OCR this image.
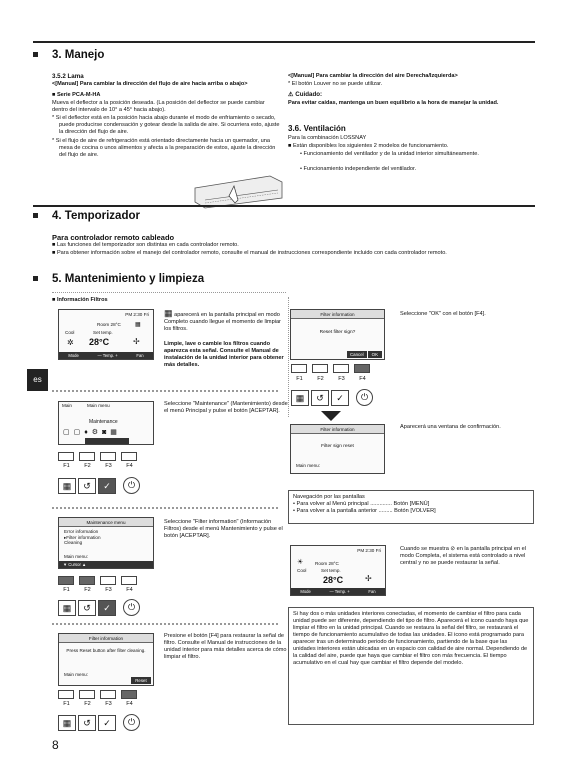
3. Manejo
3.5.2 Lama
<[Manual] Para cambiar la dirección del flujo de aire hacia arriba o abajo>
■ Serie PCA-M-HA
Mueva el deflector a la posición deseada. (La posición del deflector se puede cambiar dentro del intervalo de 10° a 45° hacia abajo).
* Si el deflector está en la posición hacia abajo durante el modo de enfriamiento o secado, puede producirse condensación y gotear desde la salida de aire. Si ocurriera esto, ajuste la dirección del flujo de aire.
* Si el flujo de aire de refrigeración está orientado directamente hacia un quemador, una mesa de cocina o unos alimentos y afecta a la preparación de estos, ajuste la dirección del flujo de aire.
<[Manual] Para cambiar la dirección del aire Derecha/Izquierda>
* El botón Louver no se puede utilizar.
⚠ Cuidado:
Para evitar caídas, mantenga un buen equilibrio a la hora de manejar la unidad.
3.6. Ventilación
Para la combinación LOSSNAY
■ Están disponibles los siguientes 2 modelos de funcionamiento.
• Funcionamiento del ventilador y de la unidad interior simultáneamente.
• Funcionamiento independiente del ventilador.
4. Temporizador
Para controlador remoto cableado
■ Las funciones del temporizador son distintas en cada controlador remoto.
■ Para obtener información sobre el manejo del controlador remoto, consulte el manual de instrucciones correspondiente incluido con cada controlador remoto.
5. Mantenimiento y limpieza
■ Información Filtros
es
PM 2:30 Fri
Room 28°C ▦
Cool	Set temp.
✲ 28°C	✢
Mode	— Temp. +	Fan
▦ aparecerá en la pantalla principal en modo Completo cuando llegue el momento de limpiar los filtros.
Limpie, lave o cambie los filtros cuando aparezca esta señal. Consulte el Manual de instalación de la unidad interior para obtener más detalles.
Main	Main menu
Maintenance
▢▢♦⚙◙▦
Seleccione "Maintenance" (Mantenimiento) desde el menú Principal y pulse el botón [ACEPTAR].
F1	F2	F3	F4
▦	↺	✓	⏻
Maintenance menu
Error information
▸Filter information
Cleaning
Main menu:
▼ Cursor ▲
Seleccione "Filter information" (Información Filtros) desde el menú Mantenimiento y pulse el botón [ACEPTAR].
F1	F2	F3	F4
▦	↺	✓	⏻
Filter information
Press Reset button after filter cleaning.
Main menu:
Reset
Presione el botón [F4] para restaurar la señal de filtro. Consulte el Manual de instrucciones de la unidad interior para más detalles acerca de cómo limpiar el filtro.
F1	F2	F3	F4
▦	↺	✓	⏻
Filter information
Reset filter sign?
Cancel	OK
Seleccione "OK" con el botón [F4].
F1	F2	F3	F4
▦	↺	✓	⏻
Filter information
Filter sign reset
Main menu:
Aparecerá una ventana de confirmación.
Navegación por las pantallas
• Para volver al Menú principal .............. Botón [MENÚ]
• Para volver a la pantalla anterior ......... Botón [VOLVER]
PM 2:30 Fri
☀	Room 28°C
Cool	Set temp.
28°C	✢
Mode	— Temp. +	Fan
Cuando se muestra ⊘ en la pantalla principal en el modo Completa, el sistema está controlado a nivel central y no se puede restaurar la señal.
Si hay dos o más unidades interiores conectadas, el momento de cambiar el filtro para cada unidad puede ser diferente, dependiendo del tipo de filtro. Aparecerá el icono cuando haya que limpiar el filtro en la unidad principal. Cuando se restaura la señal del filtro, se restaurará el tiempo de funcionamiento acumulativo de todas las unidades. El icono está programado para aparecer tras un determinado periodo de funcionamiento, partiendo de la base que las unidades interiores están ubicadas en un espacio con calidad de aire normal. Dependiendo de la calidad del aire, puede que haya que cambiar el filtro con más frecuencia. El tiempo acumulativo en el cual hay que cambiar el filtro depende del modelo.
8
